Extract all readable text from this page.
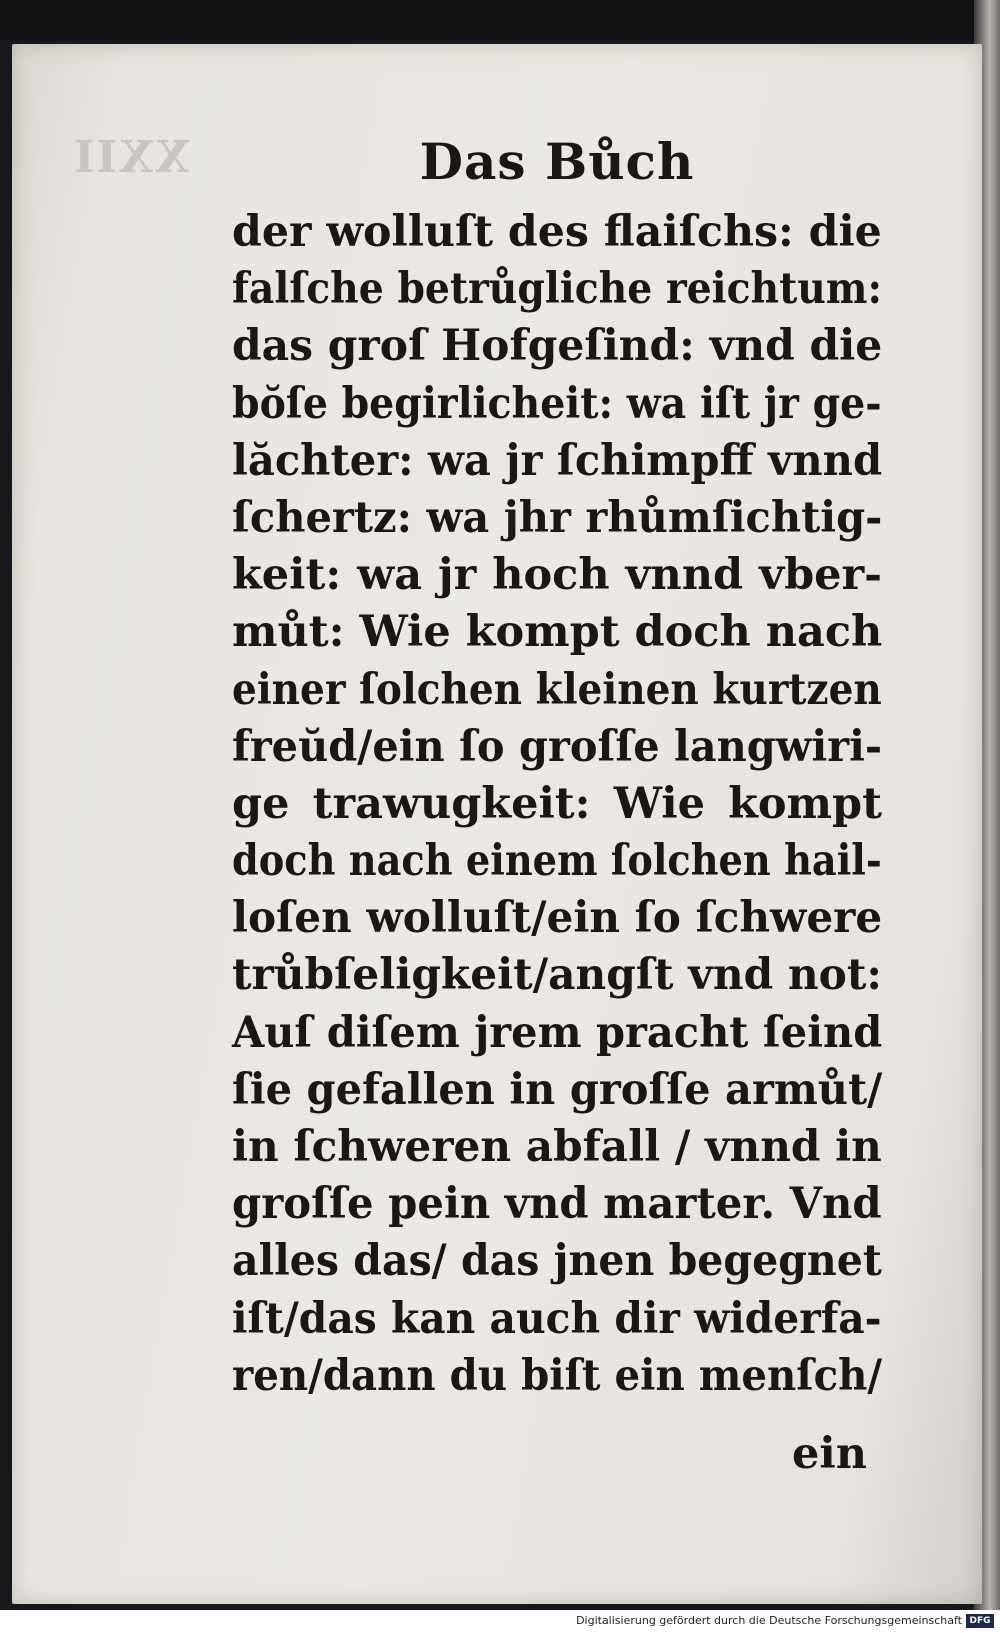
XXII	Das Bůch
der wolluſt des flaiſchs: die
falſche betrůgliche reichtum:
das groſ Hofgeſind: vnd die
bŏſe begirlicheit: wa iſt jr ge-
lăchter: wa jr ſchimpff vnnd
ſchertz: wa jhr rhůmſichtig-
keit: wa jr hoch vnnd vber-
můt: Wie kompt doch nach
einer ſolchen kleinen kurtzen
freŭd/ein ſo groſſe langwiri-
ge trawugkeit: Wie kompt
doch nach einem ſolchen hail-
loſen wolluſt/ein ſo ſchwere
trůbſeligkeit/angſt vnd not:
Auſ diſem jrem pracht ſeind
ſie gefallen in groſſe armůt/
in ſchweren abfall / vnnd in
groſſe pein vnd marter. Vnd
alles das/ das jnen begegnet
iſt/das kan auch dir widerfa-
ren/dann du biſt ein menſch/
ein
Digitalisierung gefördert durch die Deutsche Forschungsgemeinschaft DFG
